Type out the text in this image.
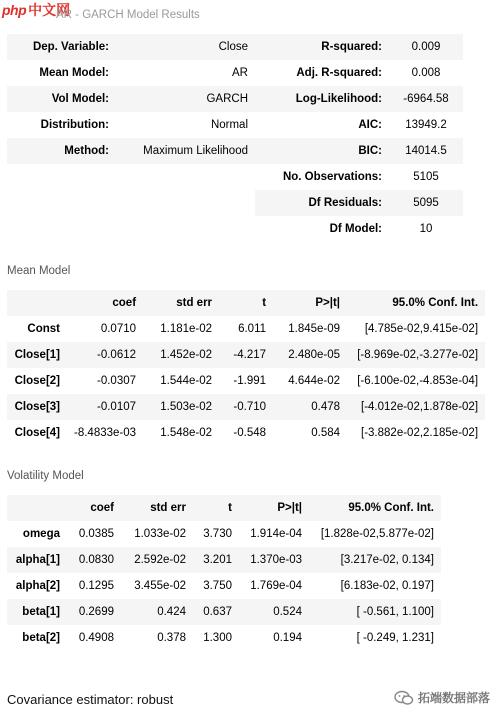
php 中文网
AR - GARCH Model Results
Dep. Variable:	Close	R-squared:	0.009
Mean Model:	AR	Adj. R-squared:	0.008
Vol Model:	GARCH	Log-Likelihood:	-6964.58
Distribution:	Normal	AIC:	13949.2
Method:	Maximum Likelihood	BIC:	14014.5
		No. Observations:	5105
		Df Residuals:	5095
		Df Model:	10
Mean Model
	coef	std err	t	P>|t|	95.0% Conf. Int.
Const	0.0710	1.181e-02	6.011	1.845e-09	[4.785e-02,9.415e-02]
Close[1]	-0.0612	1.452e-02	-4.217	2.480e-05	[-8.969e-02,-3.277e-02]
Close[2]	-0.0307	1.544e-02	-1.991	4.644e-02	[-6.100e-02,-4.853e-04]
Close[3]	-0.0107	1.503e-02	-0.710	0.478	[-4.012e-02,1.878e-02]
Close[4]	-8.4833e-03	1.548e-02	-0.548	0.584	[-3.882e-02,2.185e-02]
Volatility Model
	coef	std err	t	P>|t|	95.0% Conf. Int.
omega	0.0385	1.033e-02	3.730	1.914e-04	[1.828e-02,5.877e-02]
alpha[1]	0.0830	2.592e-02	3.201	1.370e-03	[3.217e-02, 0.134]
alpha[2]	0.1295	3.455e-02	3.750	1.769e-04	[6.183e-02, 0.197]
beta[1]	0.2699	0.424	0.637	0.524	[ -0.561, 1.100]
beta[2]	0.4908	0.378	1.300	0.194	[ -0.249, 1.231]
Covariance estimator: robust	拓端数据部落
